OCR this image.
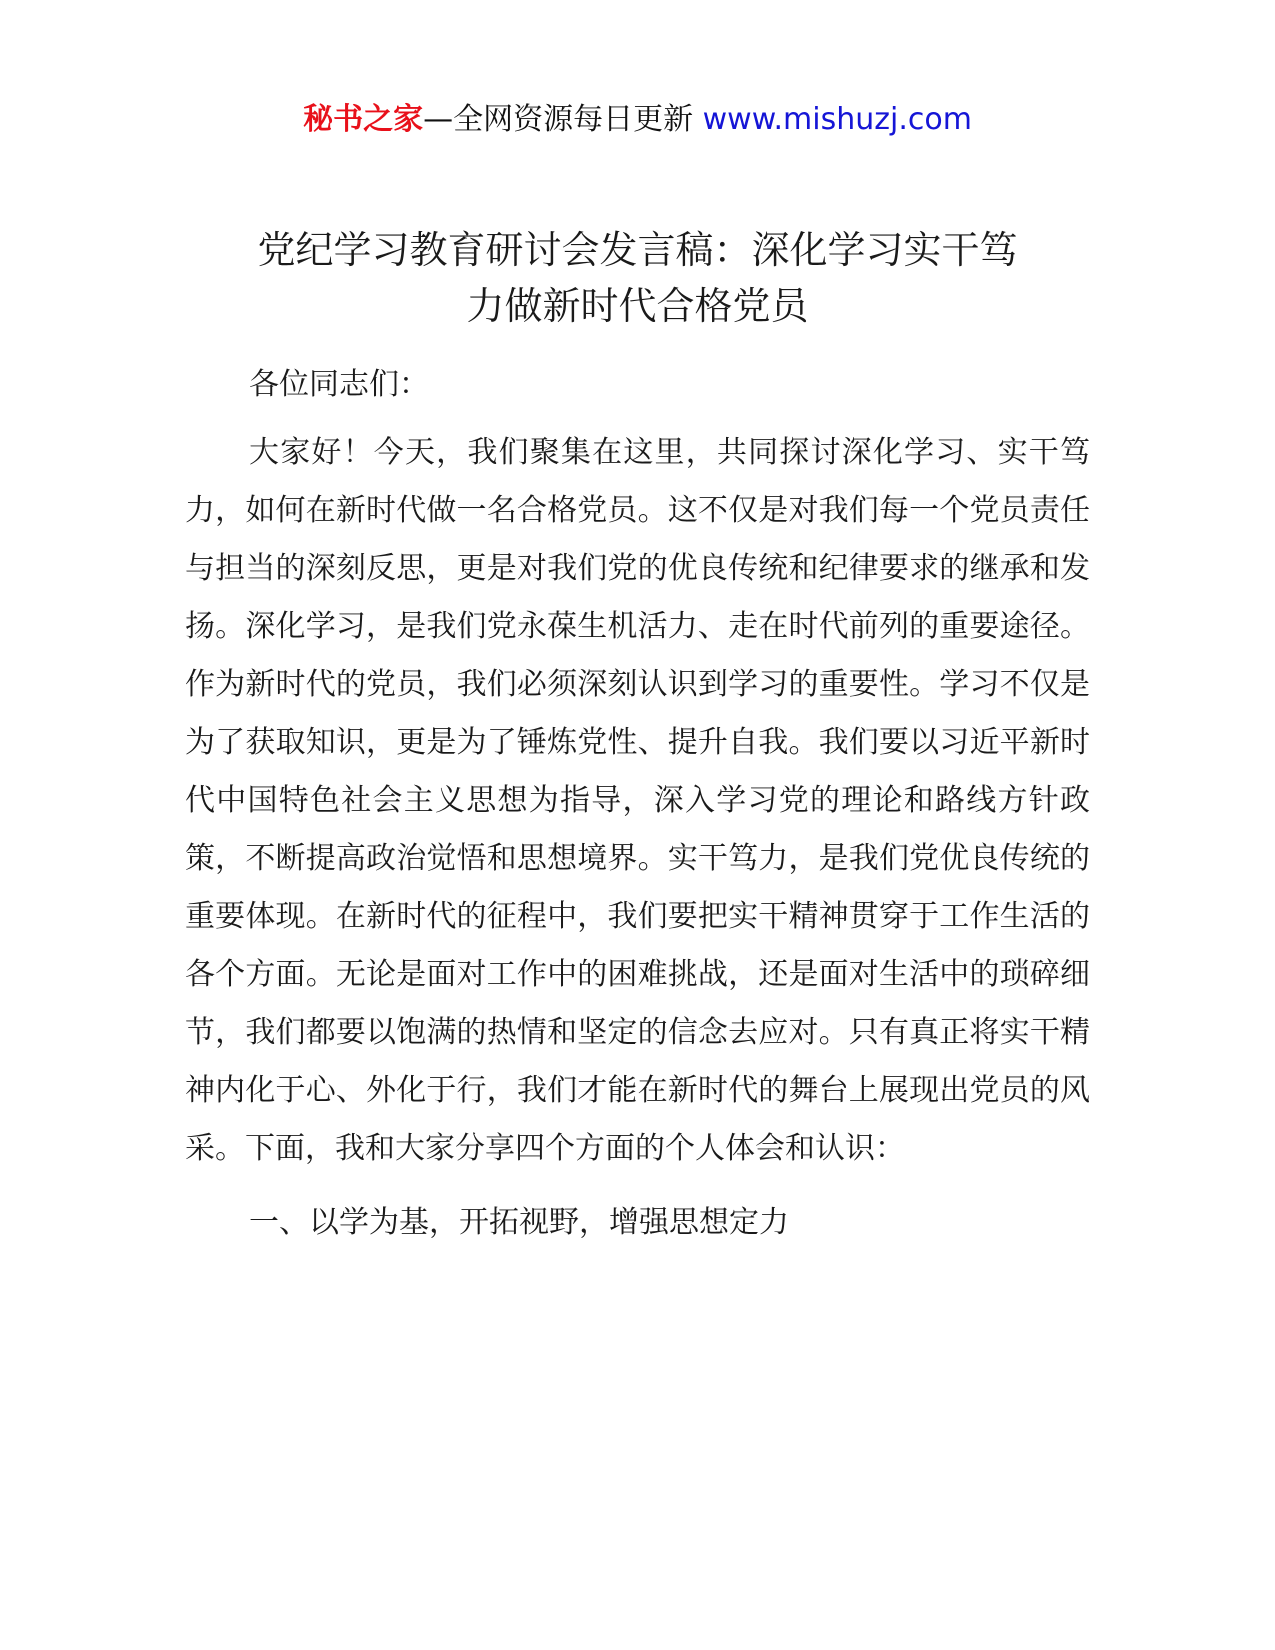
秘书之家—全网资源每日更新 www.mishuzj.com
党纪学习教育研讨会发言稿：深化学习实干笃
力做新时代合格党员

各位同志们：

大家好！今天，我们聚集在这里，共同探讨深化学习、实干笃力，如何在新时代做一名合格党员。这不仅是对我们每一个党员责任与担当的深刻反思，更是对我们党的优良传统和纪律要求的继承和发扬。深化学习，是我们党永葆生机活力、走在时代前列的重要途径。作为新时代的党员，我们必须深刻认识到学习的重要性。学习不仅是为了获取知识，更是为了锤炼党性、提升自我。我们要以习近平新时代中国特色社会主义思想为指导，深入学习党的理论和路线方针政策，不断提高政治觉悟和思想境界。实干笃力，是我们党优良传统的重要体现。在新时代的征程中，我们要把实干精神贯穿于工作生活的各个方面。无论是面对工作中的困难挑战，还是面对生活中的琐碎细节，我们都要以饱满的热情和坚定的信念去应对。只有真正将实干精神内化于心、外化于行，我们才能在新时代的舞台上展现出党员的风采。下面，我和大家分享四个方面的个人体会和认识：

一、以学为基，开拓视野，增强思想定力
